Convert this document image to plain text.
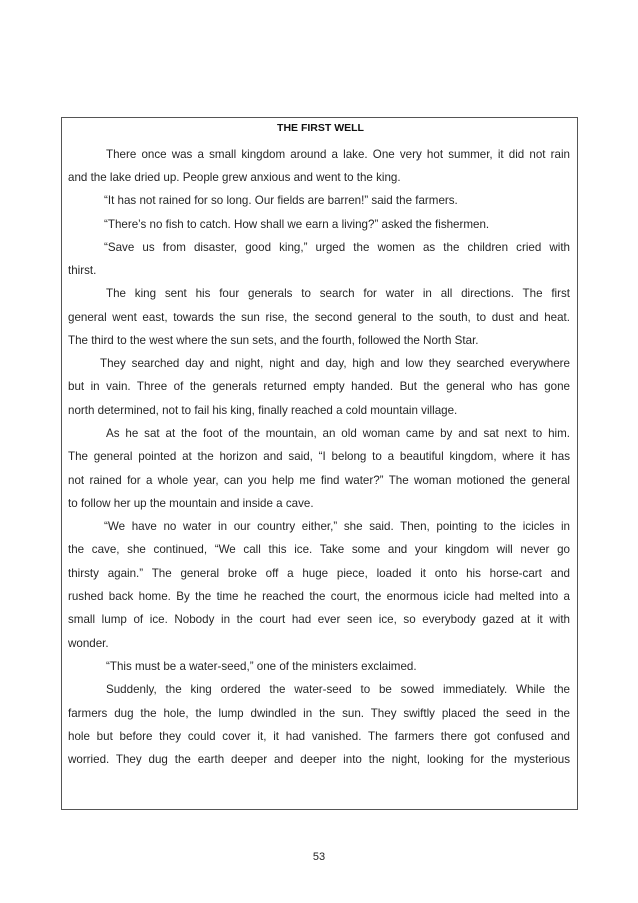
THE FIRST WELL
There once was a small kingdom around a lake. One very hot summer, it did not rain
and the lake dried up. People grew anxious and went to the king.
“It has not rained for so long. Our fields are barren!” said the farmers.
“There’s no fish to catch. How shall we earn a living?” asked the fishermen.
“Save us from disaster, good king,” urged the women as the children cried with
thirst.
The king sent his four generals to search for water in all directions. The first
general went east, towards the sun rise, the second general to the south, to dust and heat.
The third to the west where the sun sets, and the fourth, followed the North Star.
They searched day and night, night and day, high and low they searched everywhere
but in vain. Three of the generals returned empty handed. But the general who has gone
north determined, not to fail his king, finally reached a cold mountain village.
As he sat at the foot of the mountain, an old woman came by and sat next to him.
The general pointed at the horizon and said, “I belong to a beautiful kingdom, where it has
not rained for a whole year, can you help me find water?” The woman motioned the general
to follow her up the mountain and inside a cave.
“We have no water in our country either,” she said. Then, pointing to the icicles in
the cave, she continued, “We call this ice. Take some and your kingdom will never go
thirsty again.” The general broke off a huge piece, loaded it onto his horse-cart and
rushed back home. By the time he reached the court, the enormous icicle had melted into a
small lump of ice. Nobody in the court had ever seen ice, so everybody gazed at it with
wonder.
“This must be a water-seed,” one of the ministers exclaimed.
Suddenly, the king ordered the water-seed to be sowed immediately. While the
farmers dug the hole, the lump dwindled in the sun. They swiftly placed the seed in the
hole but before they could cover it, it had vanished. The farmers there got confused and
worried. They dug the earth deeper and deeper into the night, looking for the mysterious
53
